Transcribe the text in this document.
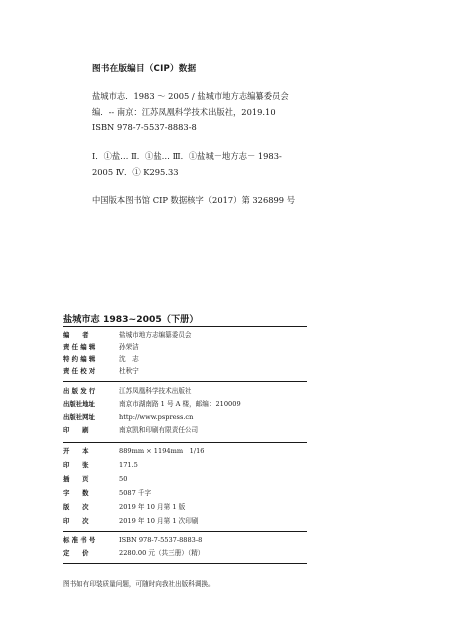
图书在版编目（CIP）数据
盐城市志．1983 ～ 2005 / 盐城市地方志编纂委员会
编．-- 南京：江苏凤凰科学技术出版社，2019.10
ISBN 978-7-5537-8883-8
Ⅰ．①盐… Ⅱ．①盐… Ⅲ．①盐城－地方志－ 1983-
2005 Ⅳ．① K295.33
中国版本图书馆 CIP 数据核字（2017）第 326899 号
盐城市志 1983~2005（下册）
编　　者	盐城市地方志编纂委员会
责 任 编 辑	孙荣洁
特 约 编 辑	沈　志
责 任 校 对	杜秋宁
出 版 发 行	江苏凤凰科学技术出版社
出版社地址	南京市湖南路 1 号 A 楼，邮编：210009
出版社网址	http://www.pspress.cn
印　　刷	南京凯和印刷有限责任公司
开　　本	889mm × 1194mm　1/16
印　　张	171.5
插　　页	50
字　　数	5087 千字
版　　次	2019 年 10 月第 1 版
印　　次	2019 年 10 月第 1 次印刷
标 准 书 号	ISBN 978-7-5537-8883-8
定　　价	2280.00 元（共三册）（精）
图书如有印装质量问题，可随时向我社出版科调换。
